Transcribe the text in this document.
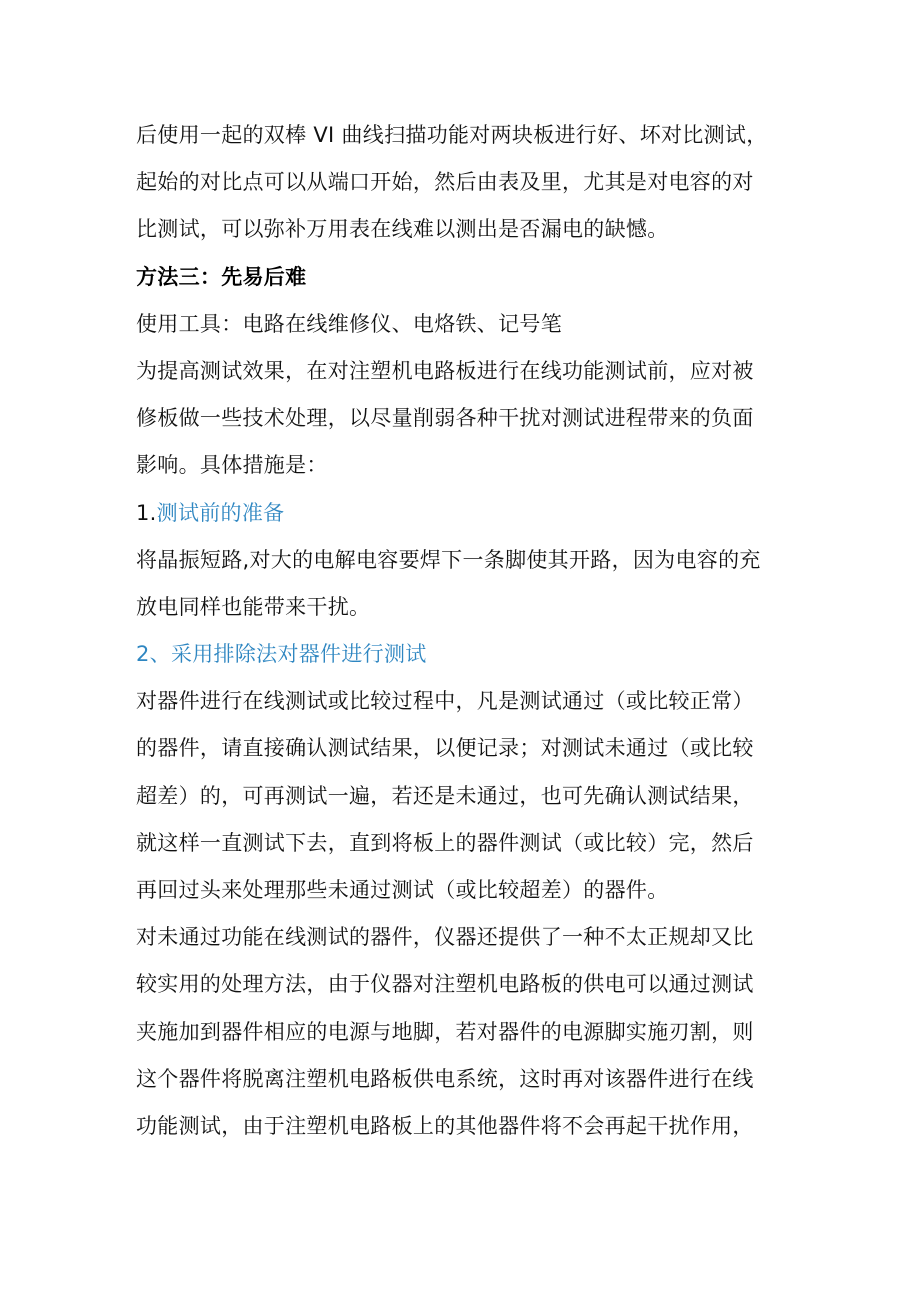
后使用一起的双棒 VI 曲线扫描功能对两块板进行好、坏对比测试，
起始的对比点可以从端口开始，然后由表及里，尤其是对电容的对
比测试，可以弥补万用表在线难以测出是否漏电的缺憾。
方法三：先易后难
使用工具：电路在线维修仪、电烙铁、记号笔
为提高测试效果，在对注塑机电路板进行在线功能测试前，应对被
修板做一些技术处理，以尽量削弱各种干扰对测试进程带来的负面
影响。具体措施是：
1.测试前的准备
将晶振短路,对大的电解电容要焊下一条脚使其开路，因为电容的充
放电同样也能带来干扰。
2、采用排除法对器件进行测试
对器件进行在线测试或比较过程中，凡是测试通过（或比较正常）
的器件，请直接确认测试结果，以便记录；对测试未通过（或比较
超差）的，可再测试一遍，若还是未通过，也可先确认测试结果，
就这样一直测试下去，直到将板上的器件测试（或比较）完，然后
再回过头来处理那些未通过测试（或比较超差）的器件。
对未通过功能在线测试的器件，仪器还提供了一种不太正规却又比
较实用的处理方法，由于仪器对注塑机电路板的供电可以通过测试
夹施加到器件相应的电源与地脚，若对器件的电源脚实施刃割，则
这个器件将脱离注塑机电路板供电系统，这时再对该器件进行在线
功能测试，由于注塑机电路板上的其他器件将不会再起干扰作用，
